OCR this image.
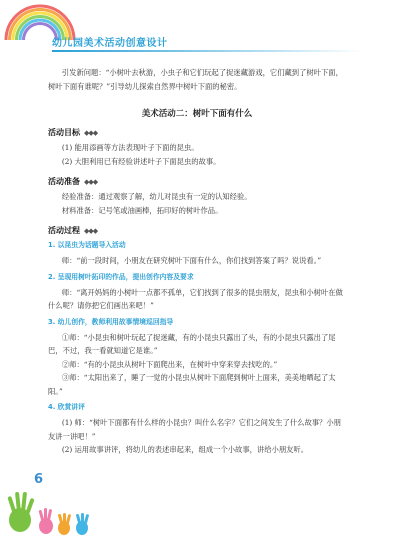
幼儿园美术活动创意设计

引发新问题：“小树叶去秋游，小虫子和它们玩起了捉迷藏游戏，它们藏到了树叶下面，树叶下面有谁呢？”引导幼儿探索自然界中树叶下面的秘密。

美术活动二：树叶下面有什么
活动目标 ◆◆◆

(1) 能用添画等方法表现叶子下面的昆虫。

(2) 大胆利用已有经验讲述叶子下面昆虫的故事。

活动准备 ◆◆◆

经验准备：通过观察了解，幼儿对昆虫有一定的认知经验。

材料准备：记号笔或油画棒，拓印好的树叶作品。

活动过程 ◆◆◆
1. 以昆虫为话题导入活动

师：“前一段时间，小朋友在研究树叶下面有什么，你们找到答案了吗？说说看。”

2. 呈现用树叶拓印的作品，提出创作内容及要求

师：“离开妈妈的小树叶一点都不孤单，它们找到了很多的昆虫朋友，昆虫和小树叶在做什么呢？请你把它们画出来吧！”

3. 幼儿创作，教师利用故事情境巡回指导

①师：“小昆虫和树叶玩起了捉迷藏，有的小昆虫只露出了头，有的小昆虫只露出了尾巴，不过，我一看就知道它是谁。”

②师：“有的小昆虫从树叶下面爬出来，在树叶中穿来穿去找吃的。”

③师：“太阳出来了，睡了一觉的小昆虫从树叶下面爬到树叶上面来，美美地晒起了太阳。”

4. 欣赏讲评

(1) 师：“树叶下面都有什么样的小昆虫？叫什么名字？它们之间发生了什么故事？小朋友讲一讲吧！”

(2) 运用故事讲评，将幼儿的表述串起来，组成一个小故事，讲给小朋友听。

6
